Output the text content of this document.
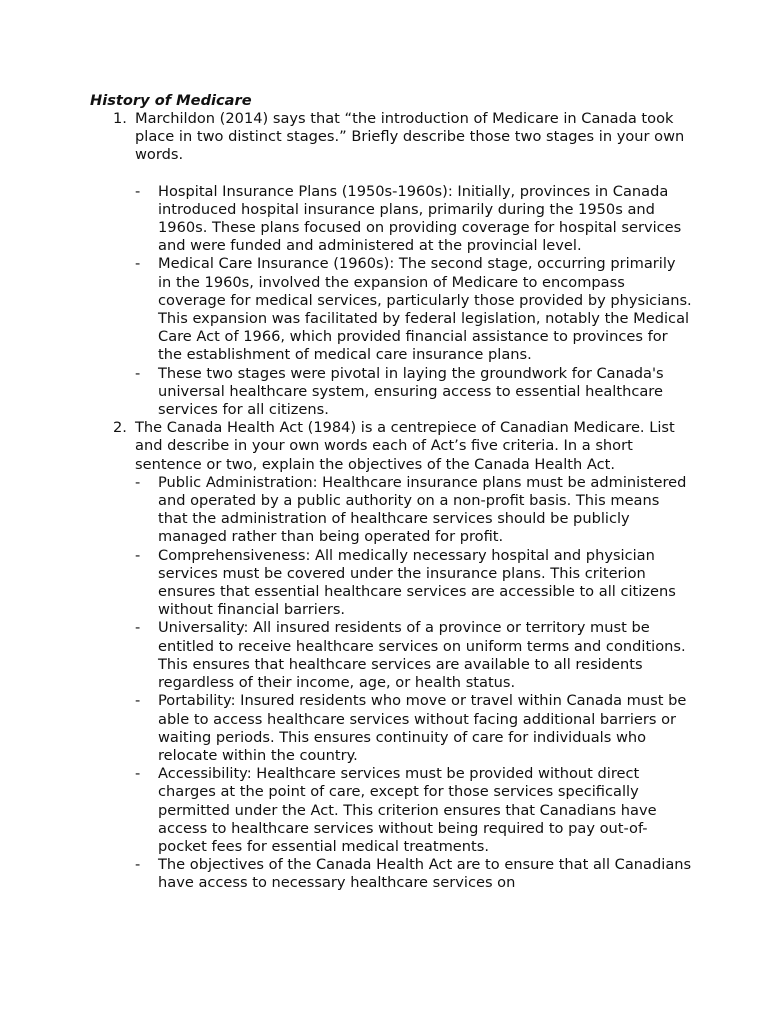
History of Medicare
1. Marchildon (2014) says that “the introduction of Medicare in Canada took place in two distinct stages.” Briefly describe those two stages in your own words.
- Hospital Insurance Plans (1950s-1960s): Initially, provinces in Canada introduced hospital insurance plans, primarily during the 1950s and 1960s. These plans focused on providing coverage for hospital services and were funded and administered at the provincial level.
- Medical Care Insurance (1960s): The second stage, occurring primarily in the 1960s, involved the expansion of Medicare to encompass coverage for medical services, particularly those provided by physicians. This expansion was facilitated by federal legislation, notably the Medical Care Act of 1966, which provided financial assistance to provinces for the establishment of medical care insurance plans.
- These two stages were pivotal in laying the groundwork for Canada's universal healthcare system, ensuring access to essential healthcare services for all citizens.
2. The Canada Health Act (1984) is a centrepiece of Canadian Medicare. List and describe in your own words each of Act’s five criteria. In a short sentence or two, explain the objectives of the Canada Health Act.
- Public Administration: Healthcare insurance plans must be administered and operated by a public authority on a non-profit basis. This means that the administration of healthcare services should be publicly managed rather than being operated for profit.
- Comprehensiveness: All medically necessary hospital and physician services must be covered under the insurance plans. This criterion ensures that essential healthcare services are accessible to all citizens without financial barriers.
- Universality: All insured residents of a province or territory must be entitled to receive healthcare services on uniform terms and conditions. This ensures that healthcare services are available to all residents regardless of their income, age, or health status.
- Portability: Insured residents who move or travel within Canada must be able to access healthcare services without facing additional barriers or waiting periods. This ensures continuity of care for individuals who relocate within the country.
- Accessibility: Healthcare services must be provided without direct charges at the point of care, except for those services specifically permitted under the Act. This criterion ensures that Canadians have access to healthcare services without being required to pay out-of-pocket fees for essential medical treatments.
- The objectives of the Canada Health Act are to ensure that all Canadians have access to necessary healthcare services on
